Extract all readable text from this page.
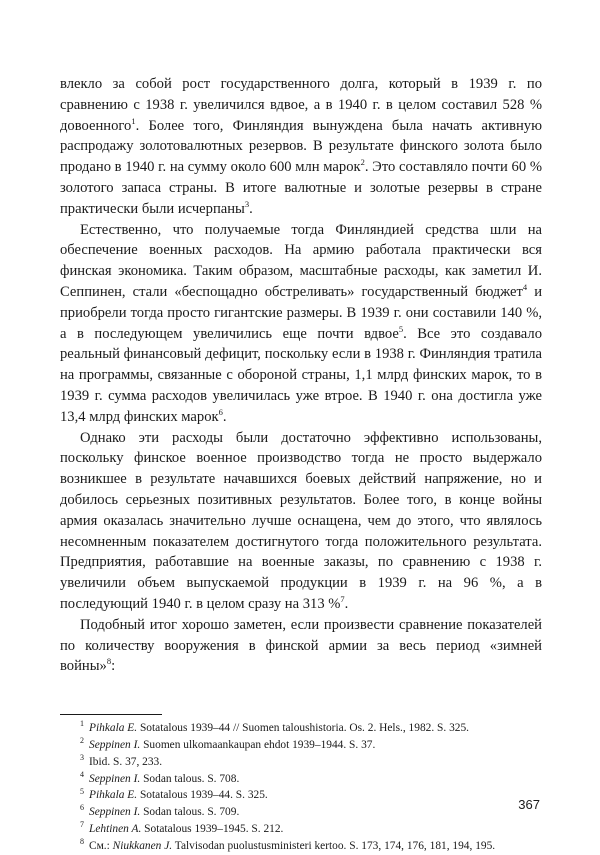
влекло за собой рост государственного долга, который в 1939 г. по сравнению с 1938 г. увеличился вдвое, а в 1940 г. в целом составил 528 % довоенного$^1$. Более того, Финляндия вынуждена была начать активную распродажу золотовалютных резервов. В результате финского золота было продано в 1940 г. на сумму около 600 млн марок$^2$. Это составляло почти 60 % золотого запаса страны. В итоге валютные и золотые резервы в стране практически были исчерпаны$^3$.

Естественно, что получаемые тогда Финляндией средства шли на обеспечение военных расходов. На армию работала практически вся финская экономика. Таким образом, масштабные расходы, как заметил И. Сеппинен, стали «беспощадно обстреливать» государственный бюджет$^4$ и приобрели тогда просто гигантские размеры. В 1939 г. они составили 140 %, а в последующем увеличились еще почти вдвое$^5$. Все это создавало реальный финансовый дефицит, поскольку если в 1938 г. Финляндия тратила на программы, связанные с обороной страны, 1,1 млрд финских марок, то в 1939 г. сумма расходов увеличилась уже втрое. В 1940 г. она достигла уже 13,4 млрд финских марок$^6$.

Однако эти расходы были достаточно эффективно использованы, поскольку финское военное производство тогда не просто выдержало возникшее в результате начавшихся боевых действий напряжение, но и добилось серьезных позитивных результатов. Более того, в конце войны армия оказалась значительно лучше оснащена, чем до этого, что являлось несомненным показателем достигнутого тогда положительного результата. Предприятия, работавшие на военные заказы, по сравнению с 1938 г. увеличили объем выпускаемой продукции в 1939 г. на 96 %, а в последующий 1940 г. в целом сразу на 313 %$^7$.

Подобный итог хорошо заметен, если произвести сравнение показателей по количеству вооружения в финской армии за весь период «зимней войны»$^8$:

$^1$ Pihkala E. Sotatalous 1939–44 // Suomen taloushistoria. Os. 2. Hels., 1982. S. 325.

$^2$ Seppinen I. Suomen ulkomaankaupan ehdot 1939–1944. S. 37.

$^3$ Ibid. S. 37, 233.

$^4$ Seppinen I. Sodan talous. S. 708.

$^5$ Pihkala E. Sotatalous 1939–44. S. 325.

$^6$ Seppinen I. Sodan talous. S. 709.

$^7$ Lehtinen A. Sotatalous 1939–1945. S. 212.

$^8$ См.: Niukkanen J. Talvisodan puolustusministeri kertoo. S. 173, 174, 176, 181, 194, 195.

367
